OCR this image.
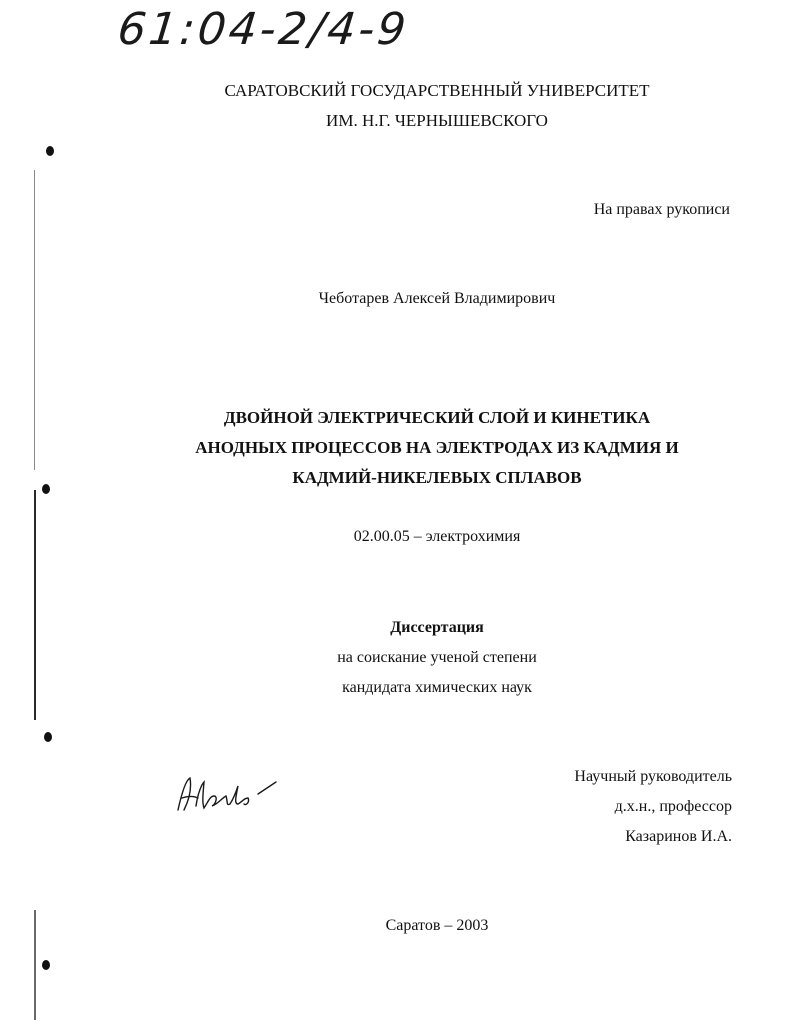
61:04-2/4-9
САРАТОВСКИЙ ГОСУДАРСТВЕННЫЙ УНИВЕРСИТЕТ
ИМ. Н.Г. ЧЕРНЫШЕВСКОГО
На правах рукописи
Чеботарев Алексей Владимирович
ДВОЙНОЙ ЭЛЕКТРИЧЕСКИЙ СЛОЙ И КИНЕТИКА
АНОДНЫХ ПРОЦЕССОВ НА ЭЛЕКТРОДАХ ИЗ КАДМИЯ И
КАДМИЙ-НИКЕЛЕВЫХ СПЛАВОВ
02.00.05 – электрохимия
Диссертация
на соискание ученой степени
кандидата химических наук
Научный руководитель
д.х.н., профессор
Казаринов И.А.
Саратов – 2003
